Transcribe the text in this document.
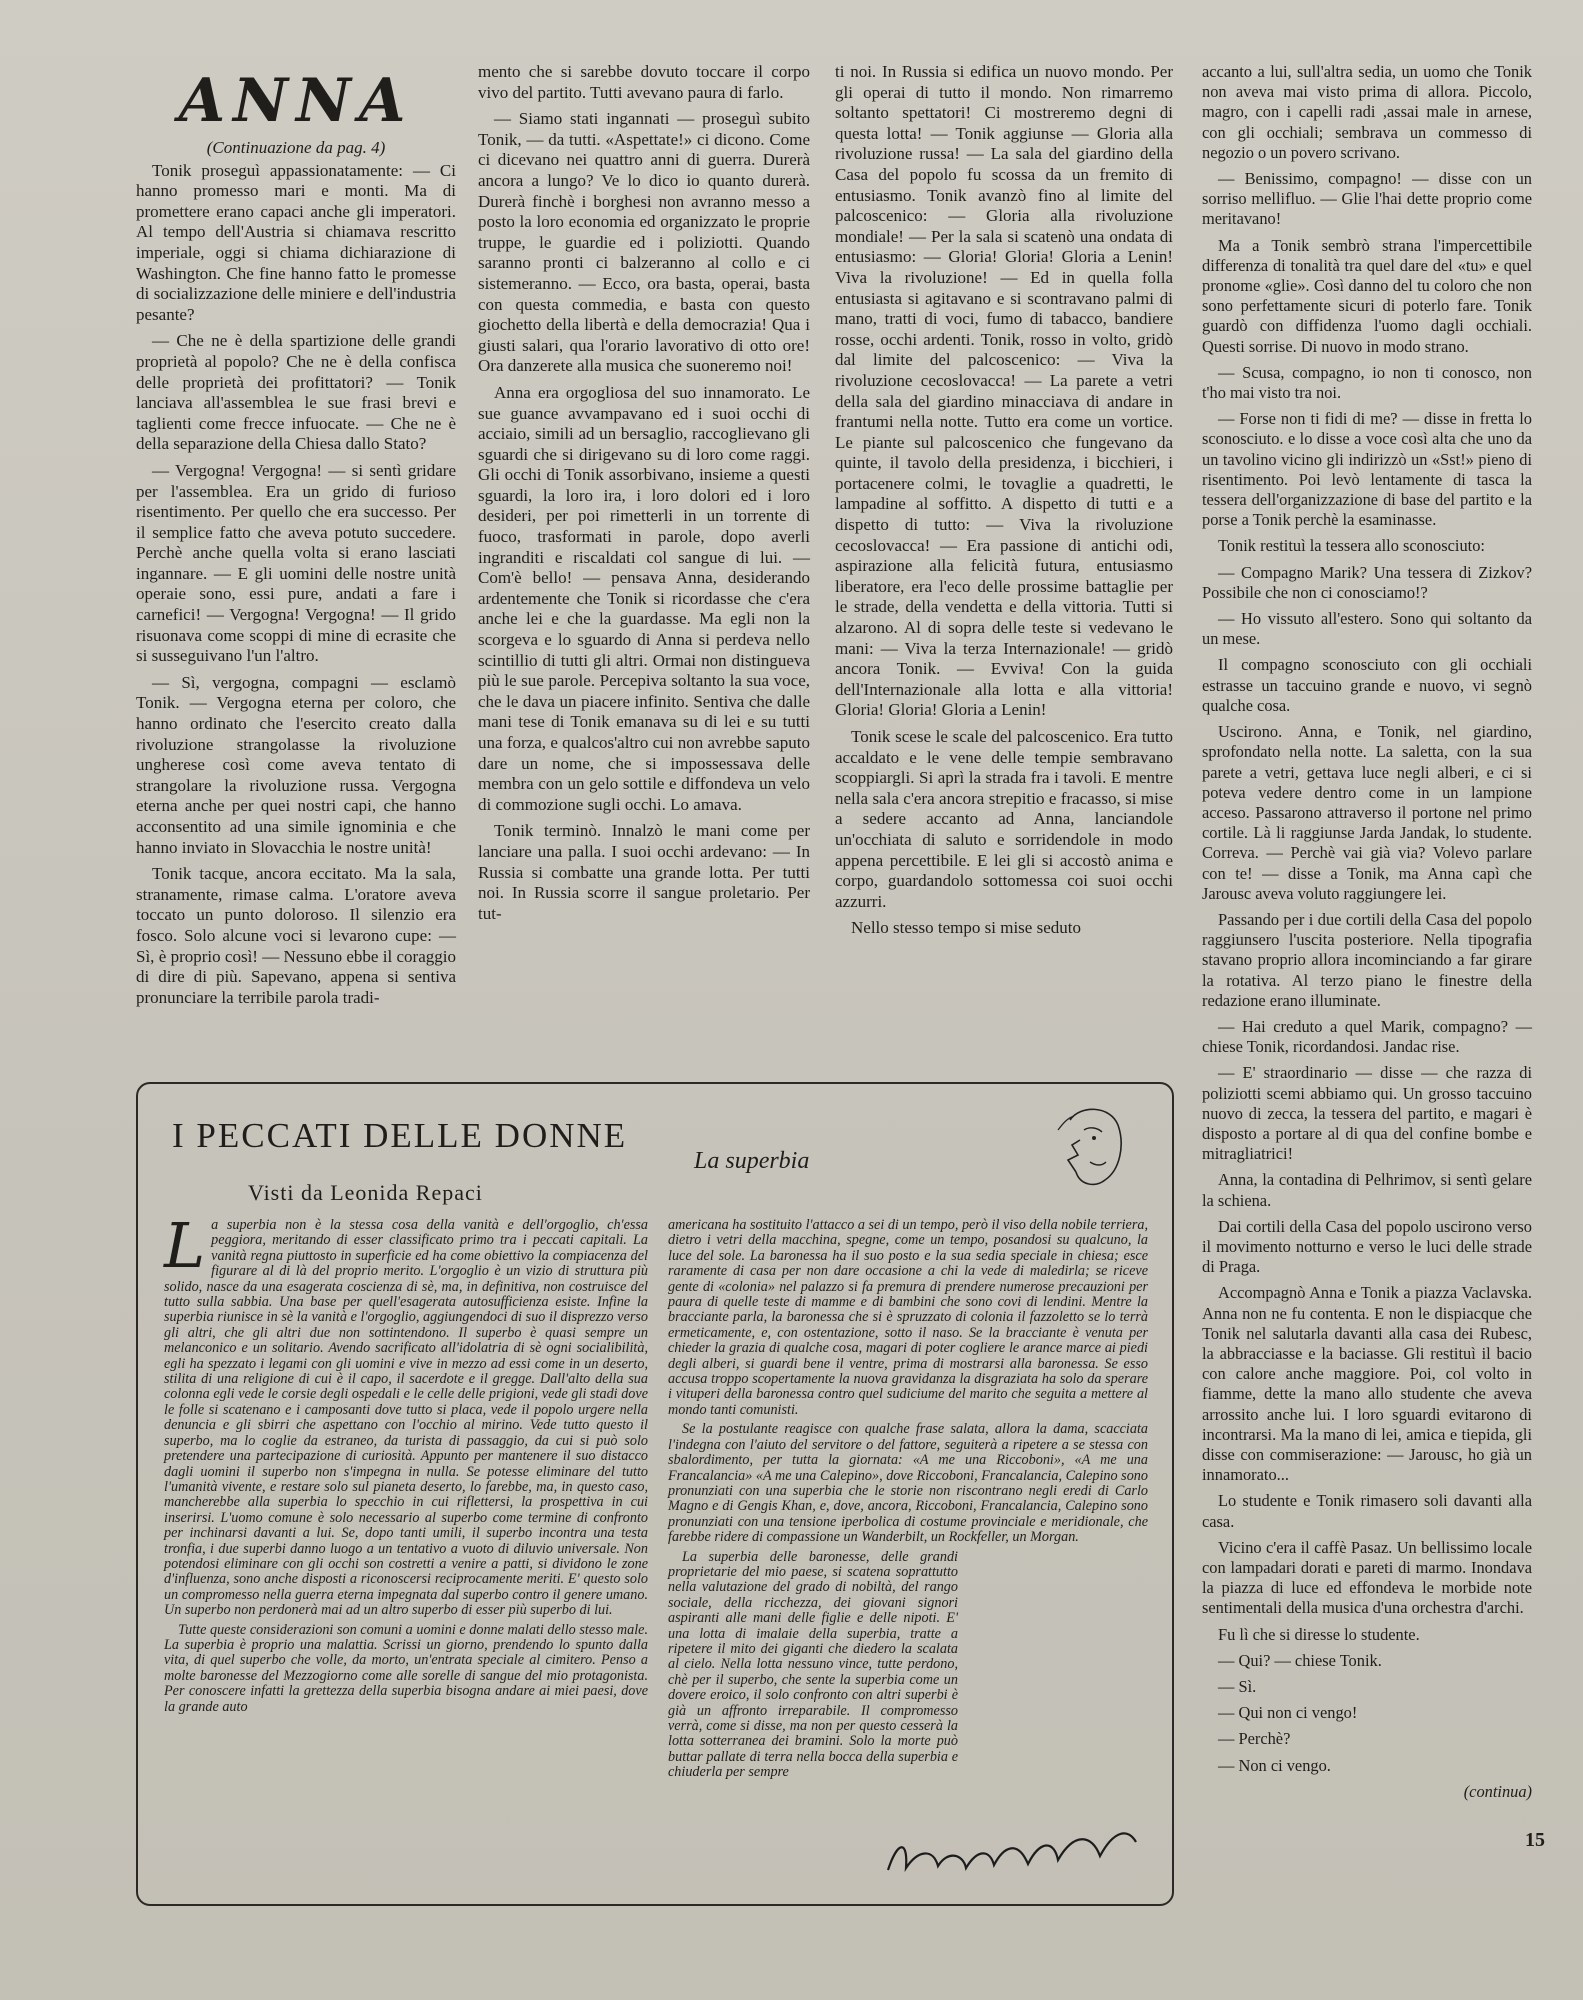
ANNA
(Continuazione da pag. 4)

Tonik proseguì appassionatamente: — Ci hanno promesso mari e monti. Ma di promettere erano capaci anche gli imperatori. Al tempo dell'Austria si chiamava rescritto imperiale, oggi si chiama dichiarazione di Washington. Che fine hanno fatto le promesse di socializzazione delle miniere e dell'industria pesante?

— Che ne è della spartizione delle grandi proprietà al popolo? Che ne è della confisca delle proprietà dei profittatori? — Tonik lanciava all'assemblea le sue frasi brevi e taglienti come frecce infuocate. — Che ne è della separazione della Chiesa dallo Stato?

— Vergogna! Vergogna! — si sentì gridare per l'assemblea. Era un grido di furioso risentimento. Per quello che era successo. Per il semplice fatto che aveva potuto succedere. Perchè anche quella volta si erano lasciati ingannare. — E gli uomini delle nostre unità operaie sono, essi pure, andati a fare i carnefici! — Vergogna! Vergogna! — Il grido risuonava come scoppi di mine di ecrasite che si susseguivano l'un l'altro.

— Sì, vergogna, compagni — esclamò Tonik. — Vergogna eterna per coloro, che hanno ordinato che l'esercito creato dalla rivoluzione strangolasse la rivoluzione ungherese così come aveva tentato di strangolare la rivoluzione russa. Vergogna eterna anche per quei nostri capi, che hanno acconsentito ad una simile ignominia e che hanno inviato in Slovacchia le nostre unità!

Tonik tacque, ancora eccitato. Ma la sala, stranamente, rimase calma. L'oratore aveva toccato un punto doloroso. Il silenzio era fosco. Solo alcune voci si levarono cupe: — Sì, è proprio così! — Nessuno ebbe il coraggio di dire di più. Sapevano, appena si sentiva pronunciare la terribile parola tradi-

mento che si sarebbe dovuto toccare il corpo vivo del partito. Tutti avevano paura di farlo.

— Siamo stati ingannati — proseguì subito Tonik, — da tutti. «Aspettate!» ci dicono. Come ci dicevano nei quattro anni di guerra. Durerà ancora a lungo? Ve lo dico io quanto durerà. Durerà finchè i borghesi non avranno messo a posto la loro economia ed organizzato le proprie truppe, le guardie ed i poliziotti. Quando saranno pronti ci balzeranno al collo e ci sistemeranno. — Ecco, ora basta, operai, basta con questa commedia, e basta con questo giochetto della libertà e della democrazia! Qua i giusti salari, qua l'orario lavorativo di otto ore! Ora danzerete alla musica che suoneremo noi!

Anna era orgogliosa del suo innamorato. Le sue guance avvampavano ed i suoi occhi di acciaio, simili ad un bersaglio, raccoglievano gli sguardi che si dirigevano su di loro come raggi. Gli occhi di Tonik assorbivano, insieme a questi sguardi, la loro ira, i loro dolori ed i loro desideri, per poi rimetterli in un torrente di fuoco, trasformati in parole, dopo averli ingranditi e riscaldati col sangue di lui. — Com'è bello! — pensava Anna, desiderando ardentemente che Tonik si ricordasse che c'era anche lei e che la guardasse. Ma egli non la scorgeva e lo sguardo di Anna si perdeva nello scintillio di tutti gli altri. Ormai non distingueva più le sue parole. Percepiva soltanto la sua voce, che le dava un piacere infinito. Sentiva che dalle mani tese di Tonik emanava su di lei e su tutti una forza, e qualcos'altro cui non avrebbe saputo dare un nome, che si impossessava delle membra con un gelo sottile e diffondeva un velo di commozione sugli occhi. Lo amava.

Tonik terminò. Innalzò le mani come per lanciare una palla. I suoi occhi ardevano: — In Russia si combatte una grande lotta. Per tutti noi. In Russia scorre il sangue proletario. Per tut-

ti noi. In Russia si edifica un nuovo mondo. Per gli operai di tutto il mondo. Non rimarremo soltanto spettatori! Ci mostreremo degni di questa lotta! — Tonik aggiunse — Gloria alla rivoluzione russa! — La sala del giardino della Casa del popolo fu scossa da un fremito di entusiasmo. Tonik avanzò fino al limite del palcoscenico: — Gloria alla rivoluzione mondiale! — Per la sala si scatenò una ondata di entusiasmo: — Gloria! Gloria! Gloria a Lenin! Viva la rivoluzione! — Ed in quella folla entusiasta si agitavano e si scontravano palmi di mano, tratti di voci, fumo di tabacco, bandiere rosse, occhi ardenti. Tonik, rosso in volto, gridò dal limite del palcoscenico: — Viva la rivoluzione cecoslovacca! — La parete a vetri della sala del giardino minacciava di andare in frantumi nella notte. Tutto era come un vortice. Le piante sul palcoscenico che fungevano da quinte, il tavolo della presidenza, i bicchieri, i portacenere colmi, le tovaglie a quadretti, le lampadine al soffitto. A dispetto di tutti e a dispetto di tutto: — Viva la rivoluzione cecoslovacca! — Era passione di antichi odi, aspirazione alla felicità futura, entusiasmo liberatore, era l'eco delle prossime battaglie per le strade, della vendetta e della vittoria. Tutti si alzarono. Al di sopra delle teste si vedevano le mani: — Viva la terza Internazionale! — gridò ancora Tonik. — Evviva! Con la guida dell'Internazionale alla lotta e alla vittoria! Gloria! Gloria! Gloria a Lenin!

Tonik scese le scale del palcoscenico. Era tutto accaldato e le vene delle tempie sembravano scoppiargli. Si aprì la strada fra i tavoli. E mentre nella sala c'era ancora strepitio e fracasso, si mise a sedere accanto ad Anna, lanciandole un'occhiata di saluto e sorridendole in modo appena percettibile. E lei gli si accostò anima e corpo, guardandolo sottomessa coi suoi occhi azzurri.

Nello stesso tempo si mise seduto

accanto a lui, sull'altra sedia, un uomo che Tonik non aveva mai visto prima di allora. Piccolo, magro, con i capelli radi ,assai male in arnese, con gli occhiali; sembrava un commesso di negozio o un povero scrivano.

— Benissimo, compagno! — disse con un sorriso mellifluo. — Glie l'hai dette proprio come meritavano!

Ma a Tonik sembrò strana l'impercettibile differenza di tonalità tra quel dare del «tu» e quel pronome «glie». Così danno del tu coloro che non sono perfettamente sicuri di poterlo fare. Tonik guardò con diffidenza l'uomo dagli occhiali. Questi sorrise. Di nuovo in modo strano.

— Scusa, compagno, io non ti conosco, non t'ho mai visto tra noi.

— Forse non ti fidi di me? — disse in fretta lo sconosciuto. e lo disse a voce così alta che uno da un tavolino vicino gli indirizzò un «Sst!» pieno di risentimento. Poi levò lentamente di tasca la tessera dell'organizzazione di base del partito e la porse a Tonik perchè la esaminasse.

Tonik restituì la tessera allo sconosciuto:

— Compagno Marik? Una tessera di Zizkov? Possibile che non ci conosciamo!?

— Ho vissuto all'estero. Sono qui soltanto da un mese.

Il compagno sconosciuto con gli occhiali estrasse un taccuino grande e nuovo, vi segnò qualche cosa.

Uscirono. Anna, e Tonik, nel giardino, sprofondato nella notte. La saletta, con la sua parete a vetri, gettava luce negli alberi, e ci si poteva vedere dentro come in un lampione acceso. Passarono attraverso il portone nel primo cortile. Là li raggiunse Jarda Jandak, lo studente. Correva. — Perchè vai già via? Volevo parlare con te! — disse a Tonik, ma Anna capì che Jarousc aveva voluto raggiungere lei.

Passando per i due cortili della Casa del popolo raggiunsero l'uscita posteriore. Nella tipografia stavano proprio allora incominciando a far girare la rotativa. Al terzo piano le finestre della redazione erano illuminate.

— Hai creduto a quel Marik, compagno? — chiese Tonik, ricordandosi. Jandac rise.

— E' straordinario — disse — che razza di poliziotti scemi abbiamo qui. Un grosso taccuino nuovo di zecca, la tessera del partito, e magari è disposto a portare al di qua del confine bombe e mitragliatrici!

Anna, la contadina di Pelhrimov, si sentì gelare la schiena.

Dai cortili della Casa del popolo uscirono verso il movimento notturno e verso le luci delle strade di Praga.

Accompagnò Anna e Tonik a piazza Vaclavska. Anna non ne fu contenta. E non le dispiacque che Tonik nel salutarla davanti alla casa dei Rubesc, la abbracciasse e la baciasse. Gli restituì il bacio con calore anche maggiore. Poi, col volto in fiamme, dette la mano allo studente che aveva arrossito anche lui. I loro sguardi evitarono di incontrarsi. Ma la mano di lei, amica e tiepida, gli disse con commiserazione: — Jarousc, ho già un innamorato...

Lo studente e Tonik rimasero soli davanti alla casa.

Vicino c'era il caffè Pasaz. Un bellissimo locale con lampadari dorati e pareti di marmo. Inondava la piazza di luce ed effondeva le morbide note sentimentali della musica d'una orchestra d'archi.

Fu lì che si diresse lo studente.

— Qui? — chiese Tonik.

— Sì.

— Qui non ci vengo!

— Perchè?

— Non ci vengo.

(continua)
I PECCATI DELLE DONNE
Visti da Leonida Repaci
La superbia

La superbia non è la stessa cosa della vanità e dell'orgoglio, ch'essa peggiora, meritando di esser classificato primo tra i peccati capitali. La vanità regna piuttosto in superficie ed ha come obiettivo la compiacenza del figurare al di là del proprio merito. L'orgoglio è un vizio di struttura più solido, nasce da una esagerata coscienza di sè, ma, in definitiva, non costruisce del tutto sulla sabbia. Una base per quell'esagerata autosufficienza esiste. Infine la superbia riunisce in sè la vanità e l'orgoglio, aggiungendoci di suo il disprezzo verso gli altri, che gli altri due non sottintendono. Il superbo è quasi sempre un melanconico e un solitario. Avendo sacrificato all'idolatria di sè ogni socialibilità, egli ha spezzato i legami con gli uomini e vive in mezzo ad essi come in un deserto, stilita di una religione di cui è il capo, il sacerdote e il gregge. Dall'alto della sua colonna egli vede le corsie degli ospedali e le celle delle prigioni, vede gli stadi dove le folle si scatenano e i camposanti dove tutto si placa, vede il popolo urgere nella denuncia e gli sbirri che aspettano con l'occhio al mirino. Vede tutto questo il superbo, ma lo coglie da estraneo, da turista di passaggio, da cui si può solo pretendere una partecipazione di curiosità. Appunto per mantenere il suo distacco dagli uomini il superbo non s'impegna in nulla. Se potesse eliminare del tutto l'umanità vivente, e restare solo sul pianeta deserto, lo farebbe, ma, in questo caso, mancherebbe alla superbia lo specchio in cui riflettersi, la prospettiva in cui inserirsi. L'uomo comune è solo necessario al superbo come termine di confronto per inchinarsi davanti a lui. Se, dopo tanti umili, il superbo incontra una testa tronfia, i due superbi danno luogo a un tentativo a vuoto di diluvio universale. Non potendosi eliminare con gli occhi son costretti a venire a patti, si dividono le zone d'influenza, sono anche disposti a riconoscersi reciprocamente meriti. E' questo solo un compromesso nella guerra eterna impegnata dal superbo contro il genere umano. Un superbo non perdonerà mai ad un altro superbo di esser più superbo di lui.

Tutte queste considerazioni son comuni a uomini e donne malati dello stesso male. La superbia è proprio una malattia. Scrissi un giorno, prendendo lo spunto dalla vita, di quel superbo che volle, da morto, un'entrata speciale al cimitero. Penso a molte baronesse del Mezzogiorno come alle sorelle di sangue del mio protagonista. Per conoscere infatti la grettezza della superbia bisogna andare ai miei paesi, dove la grande auto

americana ha sostituito l'attacco a sei di un tempo, però il viso della nobile terriera, dietro i vetri della macchina, spegne, come un tempo, posandosi su qualcuno, la luce del sole. La baronessa ha il suo posto e la sua sedia speciale in chiesa; esce raramente di casa per non dare occasione a chi la vede di maledirla; se riceve gente di «colonia» nel palazzo si fa premura di prendere numerose precauzioni per paura di quelle teste di mamme e di bambini che sono covi di lendini. Mentre la bracciante parla, la baronessa che si è spruzzato di colonia il fazzoletto se lo terrà ermeticamente, e, con ostentazione, sotto il naso. Se la bracciante è venuta per chieder la grazia di qualche cosa, magari di poter cogliere le arance marce ai piedi degli alberi, si guardi bene il ventre, prima di mostrarsi alla baronessa. Se esso accusa troppo scopertamente la nuova gravidanza la disgraziata ha solo da sperare i vituperi della baronessa contro quel sudiciume del marito che seguita a mettere al mondo tanti comunisti.

Se la postulante reagisce con qualche frase salata, allora la dama, scacciata l'indegna con l'aiuto del servitore o del fattore, seguiterà a ripetere a se stessa con sbalordimento, per tutta la giornata: «A me una Riccoboni», «A me una Francalancia» «A me una Calepino», dove Riccoboni, Francalancia, Calepino sono pronunziati con una superbia che le storie non riscontrano negli eredi di Carlo Magno e di Gengis Khan, e, dove, ancora, Riccoboni, Francalancia, Calepino sono pronunziati con una tensione iperbolica di costume provinciale e meridionale, che farebbe ridere di compassione un Wanderbilt, un Rockfeller, un Morgan.

La superbia delle baronesse, delle grandi proprietarie del mio paese, si scatena soprattutto nella valutazione del grado di nobiltà, del rango sociale, della ricchezza, dei giovani signori aspiranti alle mani delle figlie e delle nipoti. E' una lotta di imalaie della superbia, tratte a ripetere il mito dei giganti che diedero la scalata al cielo. Nella lotta nessuno vince, tutte perdono, chè per il superbo, che sente la superbia come un dovere eroico, il solo confronto con altri superbi è già un affronto irreparabile. Il compromesso verrà, come si disse, ma non per questo cesserà la lotta sotterranea dei bramini. Solo la morte può buttar pallate di terra nella bocca della superbia e chiuderla per sempre

15
